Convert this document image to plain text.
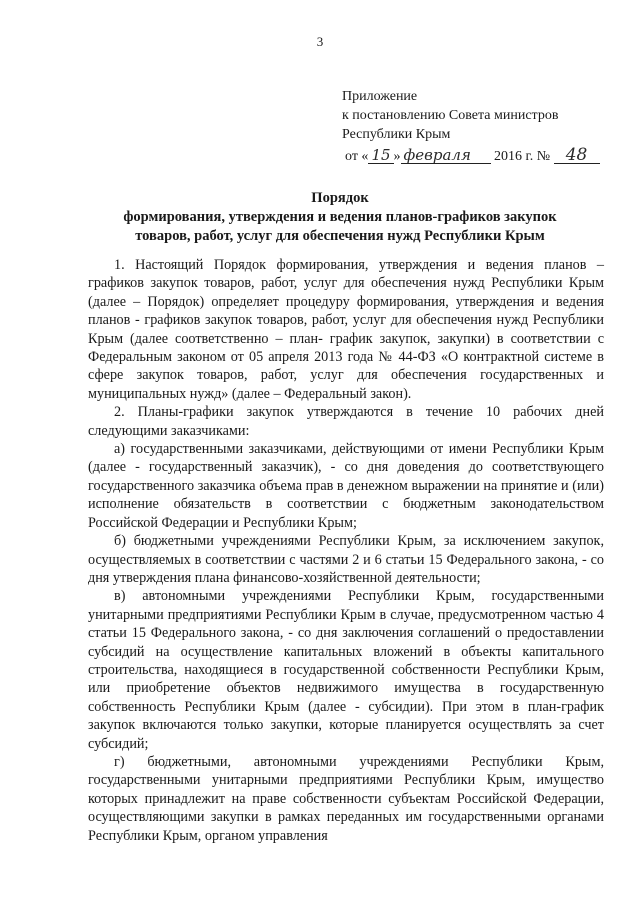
3
Приложение
к постановлению Совета министров
Республики Крым
от « 15 » февраля 2016 г. № 48
Порядок
формирования, утверждения и ведения планов-графиков закупок
товаров, работ, услуг для обеспечения нужд Республики Крым

1. Настоящий Порядок формирования, утверждения и ведения планов – графиков закупок товаров, работ, услуг для обеспечения нужд Республики Крым (далее – Порядок) определяет процедуру формирования, утверждения и ведения планов - графиков закупок товаров, работ, услуг для обеспечения нужд Республики Крым (далее соответственно – план- график закупок, закупки) в соответствии с Федеральным законом от 05 апреля 2013 года № 44-ФЗ «О контрактной системе в сфере закупок товаров, работ, услуг для обеспечения государственных и муниципальных нужд» (далее – Федеральный закон).

2. Планы-графики закупок утверждаются в течение 10 рабочих дней следующими заказчиками:

а) государственными заказчиками, действующими от имени Республики Крым (далее - государственный заказчик), - со дня доведения до соответствующего государственного заказчика объема прав в денежном выражении на принятие и (или) исполнение обязательств в соответствии с бюджетным законодательством Российской Федерации и Республики Крым;

б) бюджетными учреждениями Республики Крым, за исключением закупок, осуществляемых в соответствии с частями 2 и 6 статьи 15 Федерального закона, - со дня утверждения плана финансово-хозяйственной деятельности;

в) автономными учреждениями Республики Крым, государственными унитарными предприятиями Республики Крым в случае, предусмотренном частью 4 статьи 15 Федерального закона, - со дня заключения соглашений о предоставлении субсидий на осуществление капитальных вложений в объекты капитального строительства, находящиеся в государственной собственности Республики Крым, или приобретение объектов недвижимого имущества в государственную собственность Республики Крым (далее - субсидии). При этом в план-график закупок включаются только закупки, которые планируется осуществлять за счет субсидий;

г) бюджетными, автономными учреждениями Республики Крым, государственными унитарными предприятиями Республики Крым, имущество которых принадлежит на праве собственности субъектам Российской Федерации, осуществляющими закупки в рамках переданных им государственными органами Республики Крым, органом управления
